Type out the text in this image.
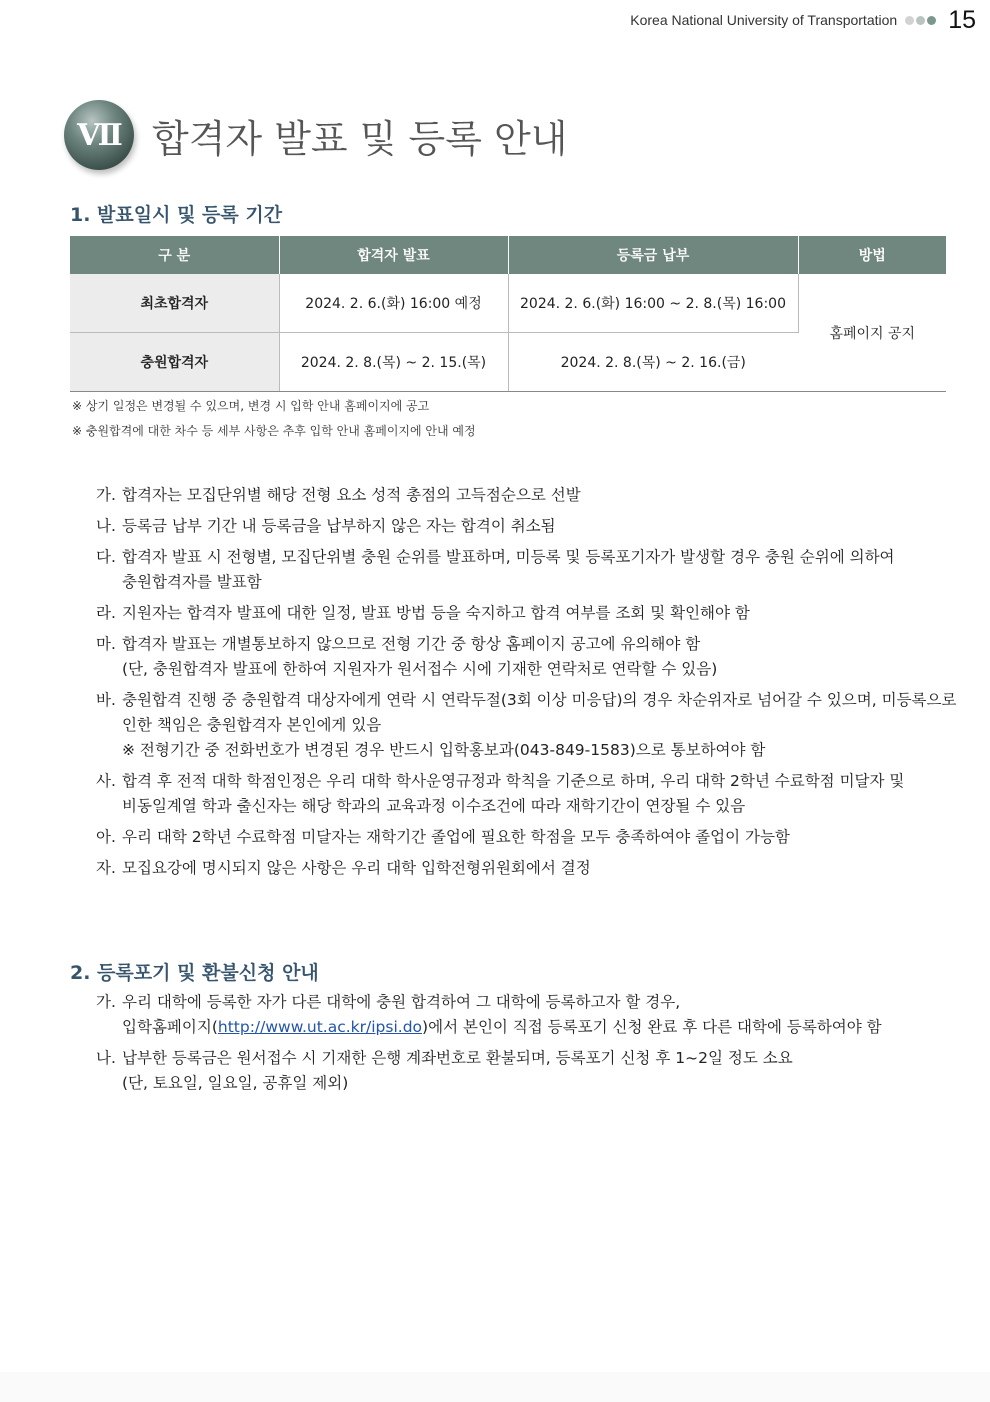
Korea National University of Transportation 15
Ⅶ 합격자 발표 및 등록 안내
1. 발표일시 및 등록 기간
구 분	합격자 발표	등록금 납부	방법
최초합격자	2024. 2. 6.(화) 16:00 예정	2024. 2. 6.(화) 16:00 ~ 2. 8.(목) 16:00	홈페이지 공지
충원합격자	2024. 2. 8.(목) ~ 2. 15.(목)	2024. 2. 8.(목) ~ 2. 16.(금)	
※ 상기 일정은 변경될 수 있으며, 변경 시 입학 안내 홈페이지에 공고
※ 충원합격에 대한 차수 등 세부 사항은 추후 입학 안내 홈페이지에 안내 예정
가. 합격자는 모집단위별 해당 전형 요소 성적 총점의 고득점순으로 선발
나. 등록금 납부 기간 내 등록금을 납부하지 않은 자는 합격이 취소됨
다. 합격자 발표 시 전형별, 모집단위별 충원 순위를 발표하며, 미등록 및 등록포기자가 발생할 경우 충원 순위에 의하여
충원합격자를 발표함
라. 지원자는 합격자 발표에 대한 일정, 발표 방법 등을 숙지하고 합격 여부를 조회 및 확인해야 함
마. 합격자 발표는 개별통보하지 않으므로 전형 기간 중 항상 홈페이지 공고에 유의해야 함
(단, 충원합격자 발표에 한하여 지원자가 원서접수 시에 기재한 연락처로 연락할 수 있음)
바. 충원합격 진행 중 충원합격 대상자에게 연락 시 연락두절(3회 이상 미응답)의 경우 차순위자로 넘어갈 수 있으며, 미등록으로
인한 책임은 충원합격자 본인에게 있음
※ 전형기간 중 전화번호가 변경된 경우 반드시 입학홍보과(043-849-1583)으로 통보하여야 함
사. 합격 후 전적 대학 학점인정은 우리 대학 학사운영규정과 학칙을 기준으로 하며, 우리 대학 2학년 수료학점 미달자 및
비동일계열 학과 출신자는 해당 학과의 교육과정 이수조건에 따라 재학기간이 연장될 수 있음
아. 우리 대학 2학년 수료학점 미달자는 재학기간 졸업에 필요한 학점을 모두 충족하여야 졸업이 가능함
자. 모집요강에 명시되지 않은 사항은 우리 대학 입학전형위원회에서 결정
2. 등록포기 및 환불신청 안내
가. 우리 대학에 등록한 자가 다른 대학에 충원 합격하여 그 대학에 등록하고자 할 경우,
입학홈페이지(http://www.ut.ac.kr/ipsi.do)에서 본인이 직접 등록포기 신청 완료 후 다른 대학에 등록하여야 함
나. 납부한 등록금은 원서접수 시 기재한 은행 계좌번호로 환불되며, 등록포기 신청 후 1~2일 정도 소요
(단, 토요일, 일요일, 공휴일 제외)
